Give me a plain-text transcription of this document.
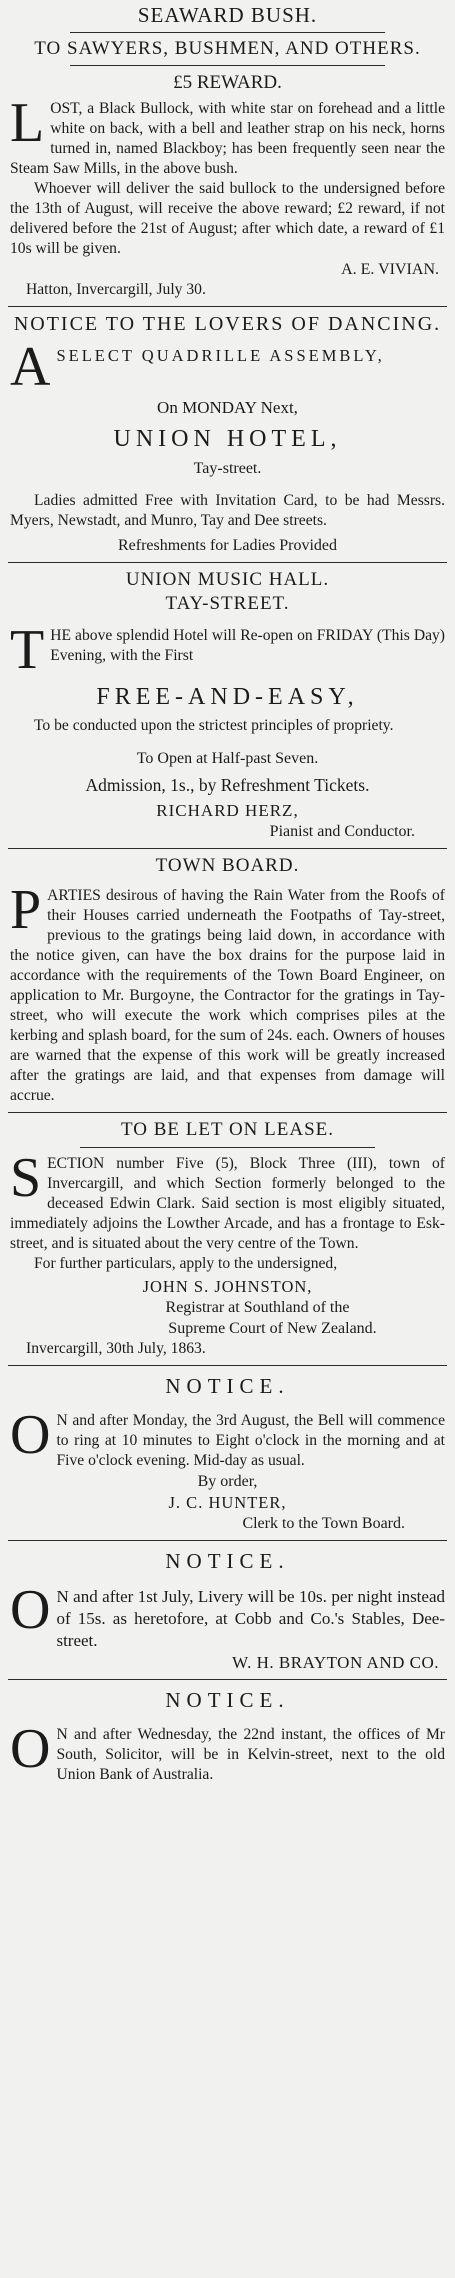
SEAWARD BUSH.
TO SAWYERS, BUSHMEN, AND OTHERS.
£5 REWARD.
LOST, a Black Bullock, with white star on forehead and a little white on back, with a bell and leather strap on his neck, horns turned in, named Blackboy; has been frequently seen near the Steam Saw Mills, in the above bush.
Whoever will deliver the said bullock to the undersigned before the 13th of August, will receive the above reward; £2 reward, if not delivered before the 21st of August; after which date, a reward of £1 10s will be given.
A. E. VIVIAN.
Hatton, Invercargill, July 30.
NOTICE TO THE LOVERS OF DANCING.
A SELECT QUADRILLE ASSEMBLY,
On MONDAY Next,
UNION HOTEL,
Tay-street.
Ladies admitted Free with Invitation Card, to be had Messrs. Myers, Newstadt, and Munro, Tay and Dee streets.
Refreshments for Ladies Provided
UNION MUSIC HALL.
TAY-STREET.
THE above splendid Hotel will Re-open on FRIDAY (This Day) Evening, with the First
FREE-AND-EASY,
To be conducted upon the strictest principles of propriety.
To Open at Half-past Seven.
Admission, 1s., by Refreshment Tickets.
RICHARD HERZ,
Pianist and Conductor.
TOWN BOARD.
PARTIES desirous of having the Rain Water from the Roofs of their Houses carried underneath the Footpaths of Tay-street, previous to the gratings being laid down, in accordance with the notice given, can have the box drains for the purpose laid in accordance with the requirements of the Town Board Engineer, on application to Mr. Burgoyne, the Contractor for the gratings in Tay-street, who will execute the work which comprises piles at the kerbing and splash board, for the sum of 24s. each. Owners of houses are warned that the expense of this work will be greatly increased after the gratings are laid, and that expenses from damage will accrue.
TO BE LET ON LEASE.
SECTION number Five (5), Block Three (III), town of Invercargill, and which Section formerly belonged to the deceased Edwin Clark. Said section is most eligibly situated, immediately adjoins the Lowther Arcade, and has a frontage to Esk-street, and is situated about the very centre of the Town.
For further particulars, apply to the undersigned,
JOHN S. JOHNSTON,
Registrar at Southland of the
Supreme Court of New Zealand.
Invercargill, 30th July, 1863.
NOTICE.
O N and after Monday, the 3rd August, the Bell will commence to ring at 10 minutes to Eight o'clock in the morning and at Five o'clock evening. Mid-day as usual.
By order,
J. C. HUNTER,
Clerk to the Town Board.
NOTICE.
O N and after 1st July, Livery will be 10s. per night instead of 15s. as heretofore, at Cobb and Co.'s Stables, Dee-street.
W. H. BRAYTON AND CO.
NOTICE.
O N and after Wednesday, the 22nd instant, the offices of Mr South, Solicitor, will be in Kelvin-street, next to the old Union Bank of Australia.
